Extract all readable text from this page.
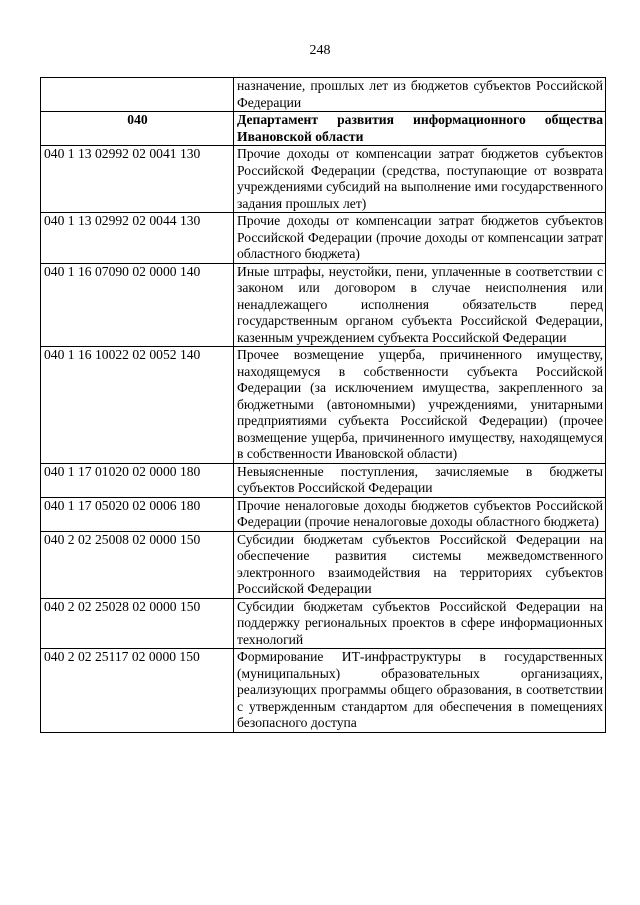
248
	назначение, прошлых лет из бюджетов субъектов Российской Федерации
040	Департамент развития информационного общества Ивановской области
040 1 13 02992 02 0041 130	Прочие доходы от компенсации затрат бюджетов субъектов Российской Федерации (средства, поступающие от возврата учреждениями субсидий на выполнение ими государственного задания прошлых лет)
040 1 13 02992 02 0044 130	Прочие доходы от компенсации затрат бюджетов субъектов Российской Федерации (прочие доходы от компенсации затрат областного бюджета)
040 1 16 07090 02 0000 140	Иные штрафы, неустойки, пени, уплаченные в соответствии с законом или договором в случае неисполнения или ненадлежащего исполнения обязательств перед государственным органом субъекта Российской Федерации, казенным учреждением субъекта Российской Федерации
040 1 16 10022 02 0052 140	Прочее возмещение ущерба, причиненного имуществу, находящемуся в собственности субъекта Российской Федерации (за исключением имущества, закрепленного за бюджетными (автономными) учреждениями, унитарными предприятиями субъекта Российской Федерации) (прочее возмещение ущерба, причиненного имуществу, находящемуся в собственности Ивановской области)
040 1 17 01020 02 0000 180	Невыясненные поступления, зачисляемые в бюджеты субъектов Российской Федерации
040 1 17 05020 02 0006 180	Прочие неналоговые доходы бюджетов субъектов Российской Федерации (прочие неналоговые доходы областного бюджета)
040 2 02 25008 02 0000 150	Субсидии бюджетам субъектов Российской Федерации на обеспечение развития системы межведомственного электронного взаимодействия на территориях субъектов Российской Федерации
040 2 02 25028 02 0000 150	Субсидии бюджетам субъектов Российской Федерации на поддержку региональных проектов в сфере информационных технологий
040 2 02 25117 02 0000 150	Формирование ИТ-инфраструктуры в государственных (муниципальных) образовательных организациях, реализующих программы общего образования, в соответствии с утвержденным стандартом для обеспечения в помещениях безопасного доступа
